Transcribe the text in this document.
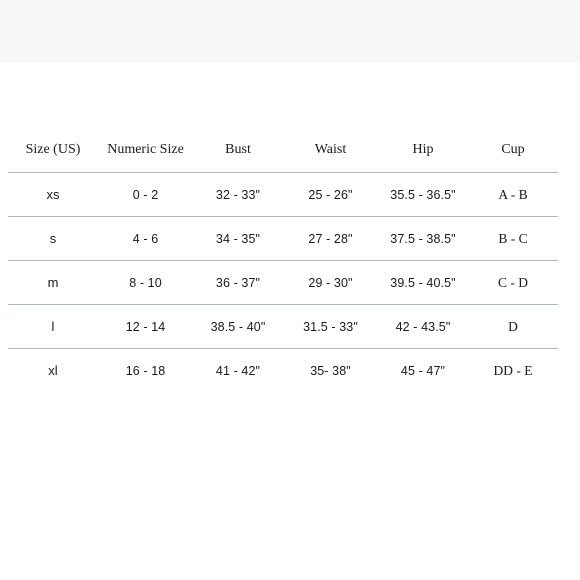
Size (US)	Numeric Size	Bust	Waist	Hip	Cup
xs	0 - 2	32 - 33"	25 - 26"	35.5 - 36.5"	A - B
s	4 - 6	34 - 35"	27 - 28"	37.5 - 38.5"	B - C
m	8 - 10	36 - 37"	29 - 30"	39.5 - 40.5"	C - D
l	12 - 14	38.5 - 40"	31.5 - 33"	42 - 43.5"	D
xl	16 - 18	41 - 42"	35- 38"	45 - 47"	DD - E
